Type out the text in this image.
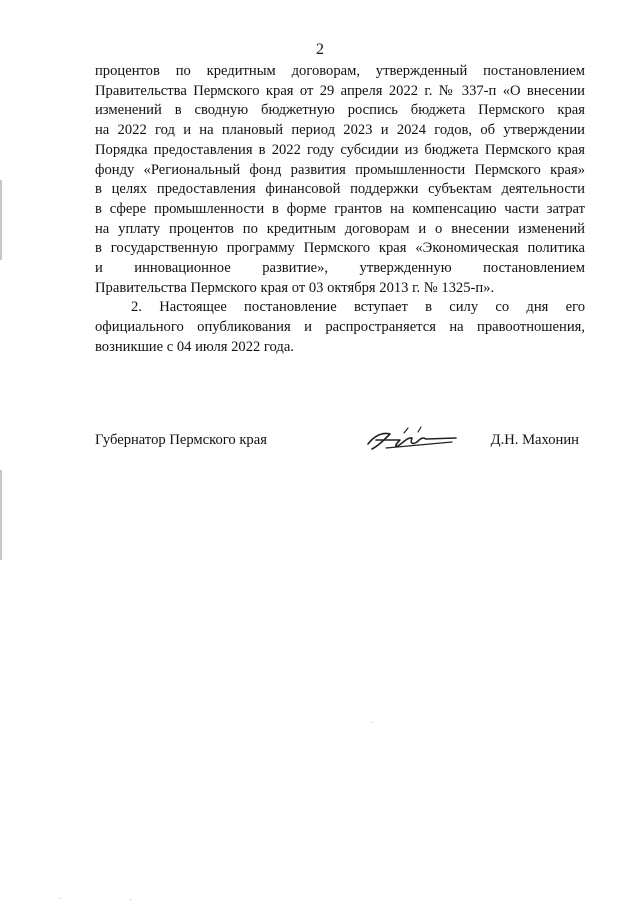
2
процентов по кредитным договорам, утвержденный постановлением
Правительства Пермского края от 29 апреля 2022 г. № 337-п «О внесении
изменений в сводную бюджетную роспись бюджета Пермского края
на 2022 год и на плановый период 2023 и 2024 годов, об утверждении
Порядка предоставления в 2022 году субсидии из бюджета Пермского края
фонду «Региональный фонд развития промышленности Пермского края»
в целях предоставления финансовой поддержки субъектам деятельности
в сфере промышленности в форме грантов на компенсацию части затрат
на уплату процентов по кредитным договорам и о внесении изменений
в государственную программу Пермского края «Экономическая политика
и инновационное развитие», утвержденную постановлением
Правительства Пермского края от 03 октября 2013 г. № 1325-п».
2. Настоящее постановление вступает в силу со дня его
официального опубликования и распространяется на правоотношения,
возникшие с 04 июля 2022 года.
Губернатор Пермского края	Д.Н. Махонин
